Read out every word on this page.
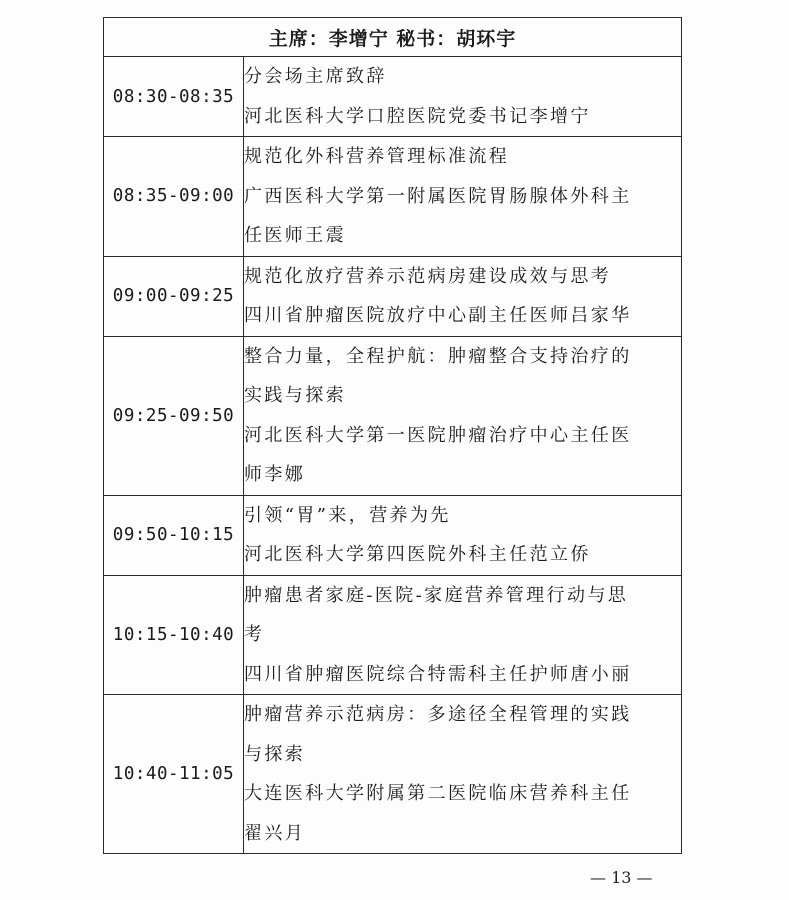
主席：李增宁 秘书：胡环宇	
08:30-08:35	分会场主席致辞
河北医科大学口腔医院党委书记李增宁

08:35-09:00	规范化外科营养管理标准流程
广西医科大学第一附属医院胃肠腺体外科主
任医师王震

09:00-09:25	规范化放疗营养示范病房建设成效与思考
四川省肿瘤医院放疗中心副主任医师吕家华

09:25-09:50	整合力量，全程护航：肿瘤整合支持治疗的
实践与探索
河北医科大学第一医院肿瘤治疗中心主任医
师李娜

09:50-10:15	引领“胃”来，营养为先
河北医科大学第四医院外科主任范立侨

10:15-10:40	肿瘤患者家庭-医院-家庭营养管理行动与思
考
四川省肿瘤医院综合特需科主任护师唐小丽

10:40-11:05	肿瘤营养示范病房：多途径全程管理的实践
与探索
大连医科大学附属第二医院临床营养科主任
翟兴月
— 13 —
